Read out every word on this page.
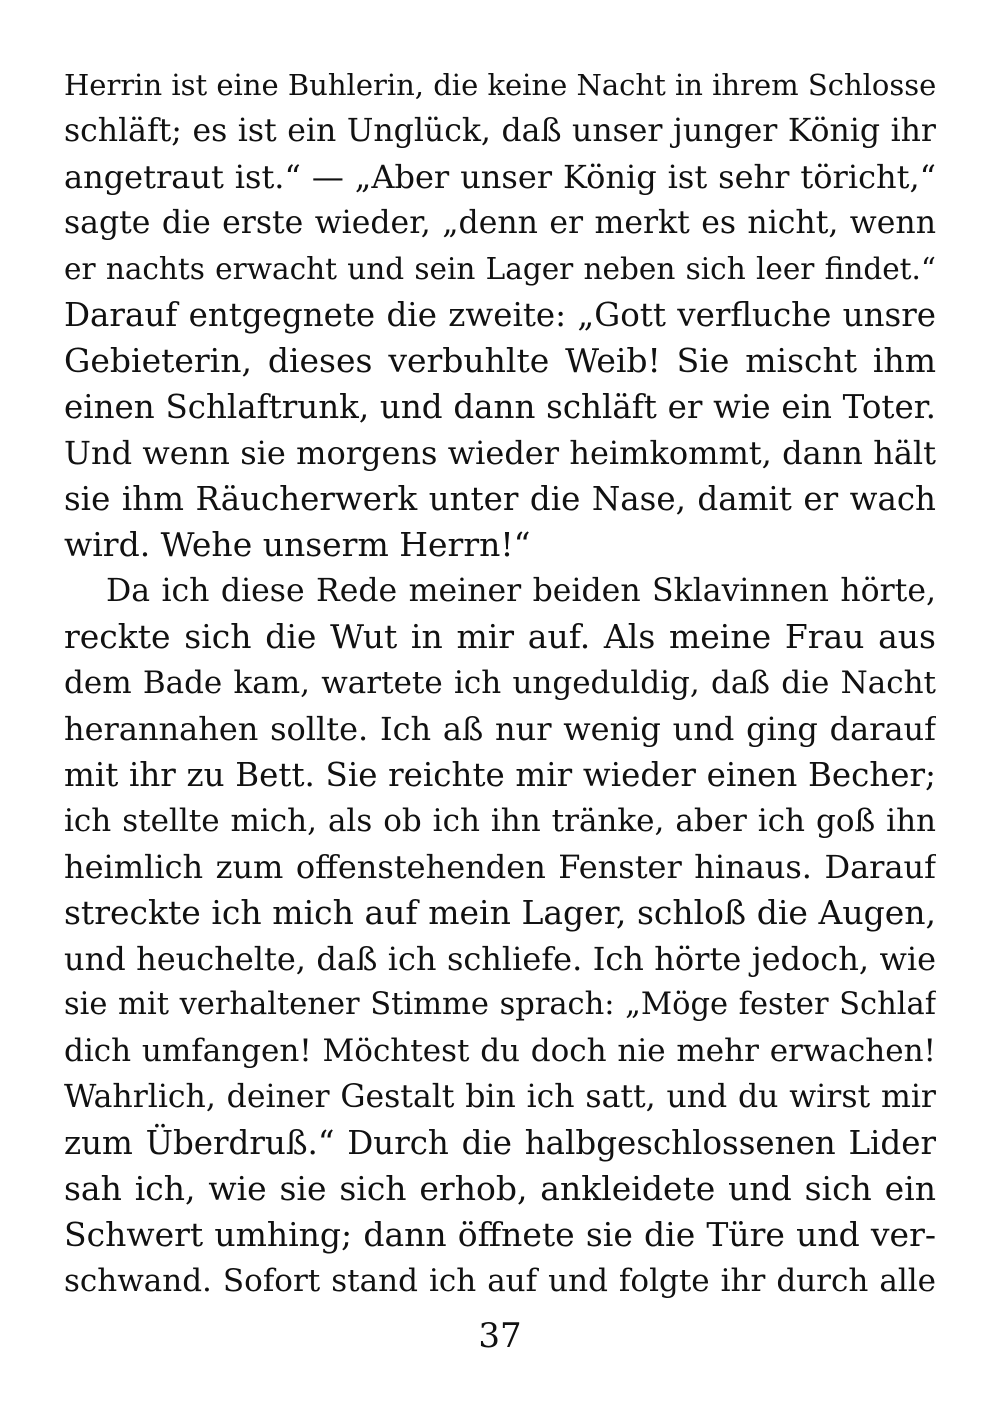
Herrin ist eine Buhlerin, die keine Nacht in ihrem Schlosse
schläft; es ist ein Unglück, daß unser junger König ihr
angetraut ist.“ — „Aber unser König ist sehr töricht,“
sagte die erste wieder, „denn er merkt es nicht, wenn
er nachts erwacht und sein Lager neben sich leer findet.“
Darauf entgegnete die zweite: „Gott verfluche unsre
Gebieterin, dieses verbuhlte Weib! Sie mischt ihm
einen Schlaftrunk, und dann schläft er wie ein Toter.
Und wenn sie morgens wieder heimkommt, dann hält
sie ihm Räucherwerk unter die Nase, damit er wach
wird. Wehe unserm Herrn!“
Da ich diese Rede meiner beiden Sklavinnen hörte,
reckte sich die Wut in mir auf. Als meine Frau aus
dem Bade kam, wartete ich ungeduldig, daß die Nacht
herannahen sollte. Ich aß nur wenig und ging darauf
mit ihr zu Bett. Sie reichte mir wieder einen Becher;
ich stellte mich, als ob ich ihn tränke, aber ich goß ihn
heimlich zum offenstehenden Fenster hinaus. Darauf
streckte ich mich auf mein Lager, schloß die Augen,
und heuchelte, daß ich schliefe. Ich hörte jedoch, wie
sie mit verhaltener Stimme sprach: „Möge fester Schlaf
dich umfangen! Möchtest du doch nie mehr erwachen!
Wahrlich, deiner Gestalt bin ich satt, und du wirst mir
zum Überdruß.“ Durch die halbgeschlossenen Lider
sah ich, wie sie sich erhob, ankleidete und sich ein
Schwert umhing; dann öffnete sie die Türe und ver-
schwand. Sofort stand ich auf und folgte ihr durch alle
37
